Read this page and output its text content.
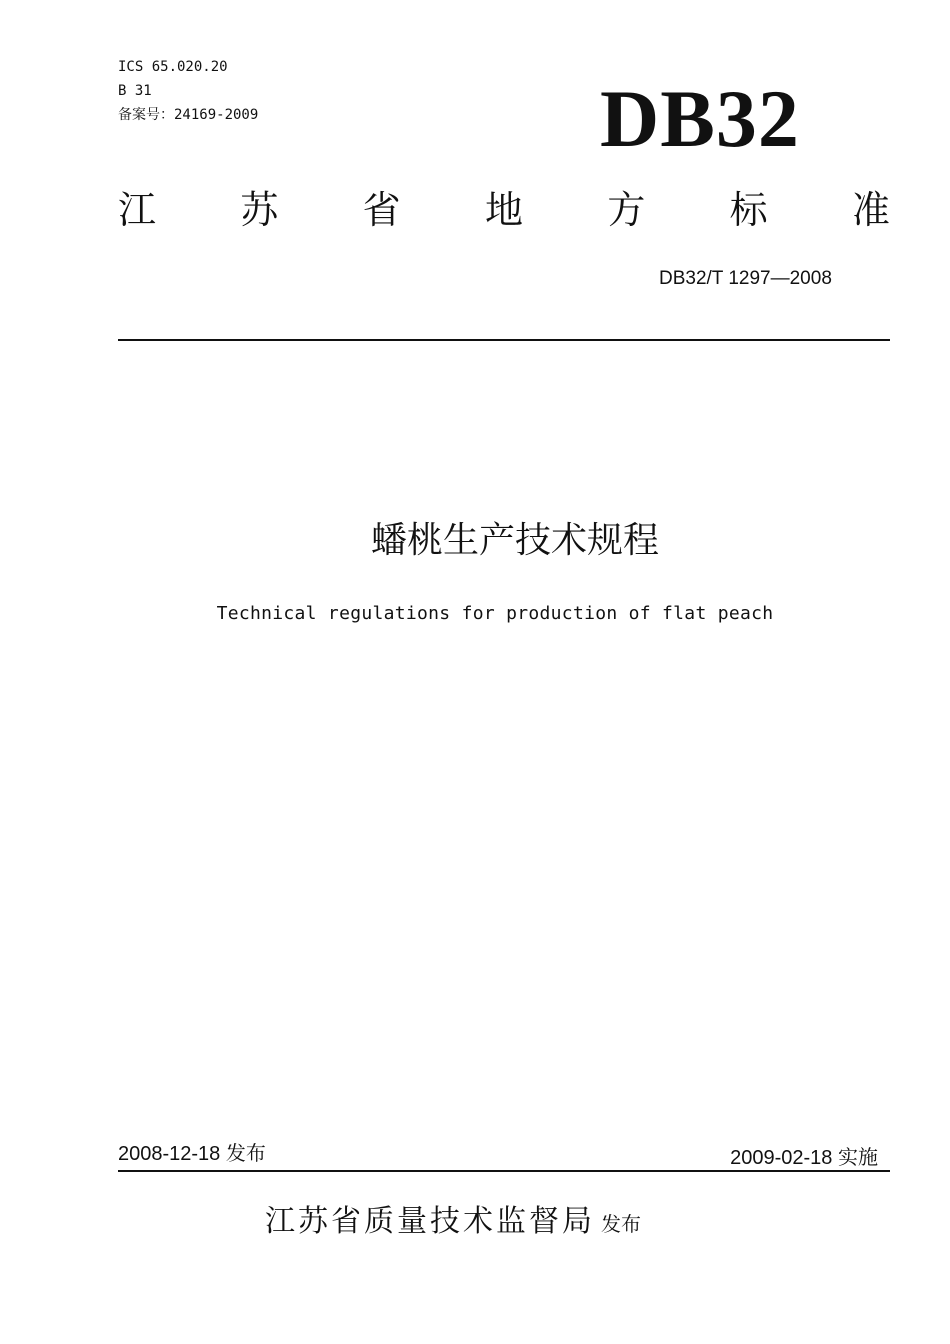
ICS 65.020.20
B 31
备案号：24169-2009	DB32
江 苏 省 地 方 标 准
DB32/T 1297—2008
蟠桃生产技术规程
Technical regulations for production of flat peach
2008-12-18 发布	2009-02-18 实施
江苏省质量技术监督局 发布
